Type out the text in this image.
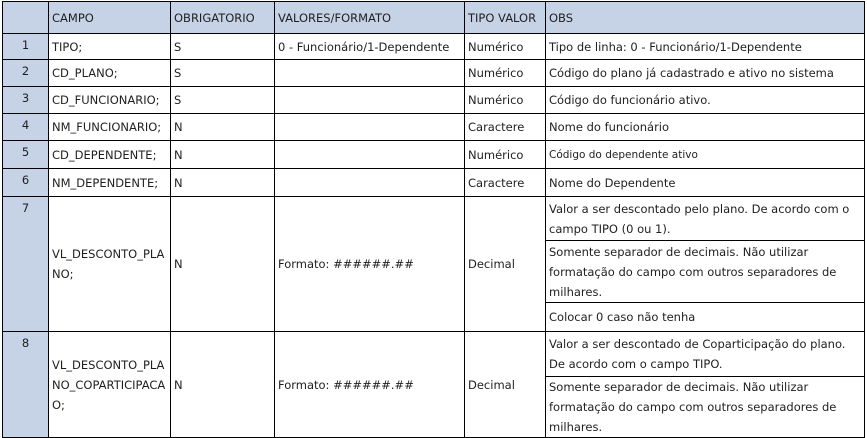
	CAMPO	OBRIGATORIO	VALORES/FORMATO	TIPO VALOR	OBS
1	TIPO;	S	0 - Funcionário/1-Dependente	Numérico	Tipo de linha: 0 - Funcionário/1-Dependente
2	CD_PLANO;	S		Numérico	Código do plano já cadastrado e ativo no sistema
3	CD_FUNCIONARIO;	S		Numérico	Código do funcionário ativo.
4	NM_FUNCIONARIO;	N		Caractere	Nome do funcionário
5	CD_DEPENDENTE;	N		Numérico	Código do dependente ativo
6	NM_DEPENDENTE;	N		Caractere	Nome do Dependente
7	VL_DESCONTO_PLANO;	N	Formato: ######.##	Decimal	Valor a ser descontado pelo plano. De acordo com o campo TIPO (0 ou 1).
					Somente separador de decimais. Não utilizar formatação do campo com outros separadores de milhares.
					Colocar 0 caso não tenha
8	VL_DESCONTO_PLANO_COPARTICIPACAO;	N	Formato: ######.##	Decimal	Valor a ser descontado de Coparticipação do plano. De acordo com o campo TIPO.
					Somente separador de decimais. Não utilizar formatação do campo com outros separadores de milhares.
